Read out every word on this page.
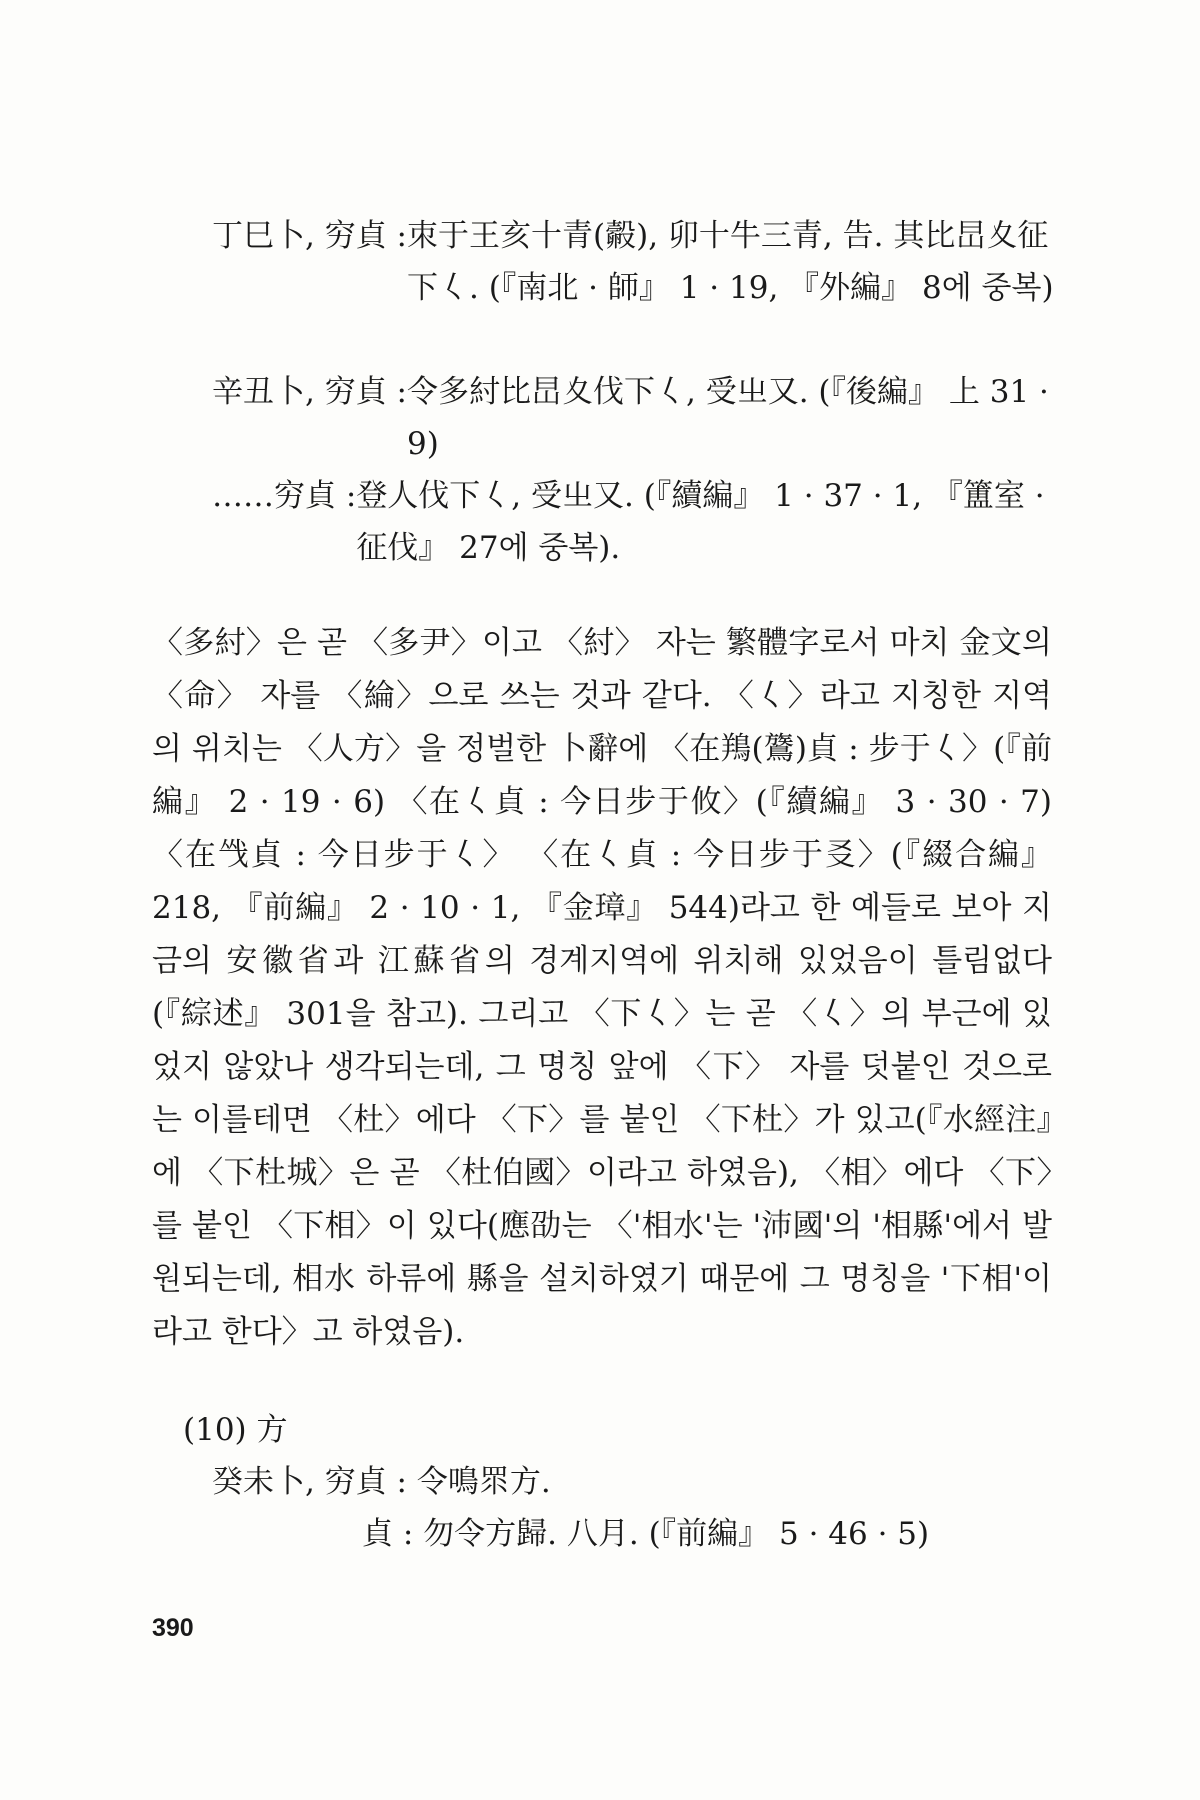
丁巳卜, 穷貞 : 朿于王亥十青(㲉), 卯十牛三青, 告. 其比旵夊征下𡿨. (『南北 · 師』 1 · 19, 『外編』 8에 중복)
辛丑卜, 穷貞 : 令多紂比旵夊伐下𡿨, 受㞢又. (『後編』 上 31 · 9)
……穷貞 : 登人伐下𡿨, 受㞢又. (『續編』 1 · 37 · 1, 『簠室 · 征伐』 27에 중복).
〈多紂〉은 곧 〈多尹〉이고 〈紂〉 자는 繁體字로서 마치 金文의 〈命〉 자를 〈綸〉으로 쓰는 것과 같다. 〈𡿨〉라고 지칭한 지역의 위치는 〈人方〉을 정벌한 卜辭에 〈在鴹(鷟)貞 : 步于𡿨〉(『前編』 2 · 19 · 6) 〈在𡿨貞 : 今日步于攸〉(『續編』 3 · 30 · 7) 〈在㦰貞 : 今日步于𡿨〉 〈在𡿨貞 : 今日步于㕛〉(『綴合編』 218, 『前編』 2 · 10 · 1, 『金璋』 544)라고 한 예들로 보아 지금의 安徽省과 江蘇省의 경계지역에 위치해 있었음이 틀림없다(『綜述』 301을 참고). 그리고 〈下𡿨〉는 곧 〈𡿨〉의 부근에 있었지 않았나 생각되는데, 그 명칭 앞에 〈下〉 자를 덧붙인 것으로는 이를테면 〈杜〉에다 〈下〉를 붙인 〈下杜〉가 있고(『水經注』에 〈下杜城〉은 곧 〈杜伯國〉이라고 하였음), 〈相〉에다 〈下〉를 붙인 〈下相〉이 있다(應劭는 〈'相水'는 '沛國'의 '相縣'에서 발원되는데, 相水 하류에 縣을 설치하였기 때문에 그 명칭을 '下相'이라고 한다〉고 하였음).
(10) 方
癸未卜, 穷貞 : 令鳴眔方.
貞 : 勿令方歸. 八月. (『前編』 5 · 46 · 5)
390
